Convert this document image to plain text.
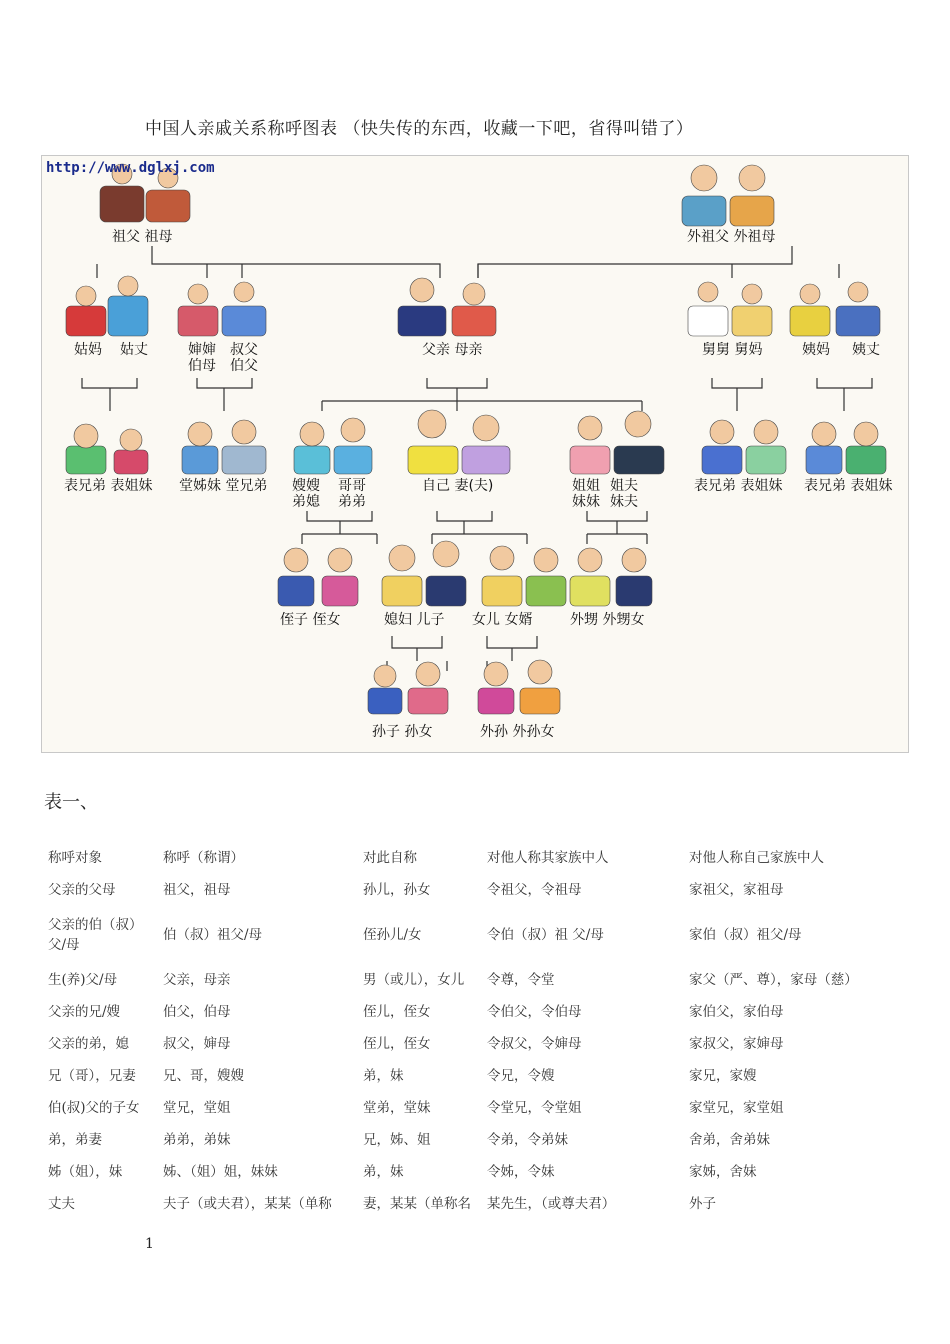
中国人亲戚关系称呼图表 （快失传的东西，收藏一下吧，省得叫错了）
http://www.dglxj.com
祖父 祖母	外祖父 外祖母
姑妈 姑丈	婶婶
伯母
叔父
伯父
父亲 母亲	舅舅 舅妈	姨妈 姨丈
表兄弟 表姐妹 堂姊妹 堂兄弟 嫂嫂
弟媳
哥哥
弟弟
自己 妻(夫)	姐姐
妹妹
姐夫
妹夫
表兄弟 表姐妹 表兄弟 表姐妹
侄子 侄女	媳妇 儿子 女儿 女婿	外甥 外甥女
孙子 孙女	外孙 外孙女
表一、
称呼对象	称呼（称谓）	对此自称	对他人称其家族中人	对他人称自己家族中人
父亲的父母	祖父，祖母	孙儿，孙女	令祖父，令祖母	家祖父，家祖母
父亲的伯（叔）父/母	伯（叔）祖父/母	侄孙儿/女	令伯（叔）祖 父/母	家伯（叔）祖父/母
生(养)父/母	父亲，母亲	男（或儿），女儿	令尊，令堂	家父（严、尊），家母（慈）
父亲的兄/嫂	伯父，伯母	侄儿，侄女	令伯父，令伯母	家伯父，家伯母
父亲的弟，媳	叔父，婶母	侄儿，侄女	令叔父，令婶母	家叔父，家婶母
兄（哥），兄妻	兄、哥，嫂嫂	弟，妹	令兄，令嫂	家兄，家嫂
伯(叔)父的子女	堂兄，堂姐	堂弟，堂妹	令堂兄，令堂姐	家堂兄，家堂姐
弟，弟妻	弟弟，弟妹	兄，姊、姐	令弟，令弟妹	舍弟，舍弟妹
姊（姐），妹	姊、（姐）姐，妹妹	弟，妹	令姊，令妹	家姊，舍妹
丈夫	夫子（或夫君），某某（单称	妻，某某（单称名	某先生，（或尊夫君）	外子
1
